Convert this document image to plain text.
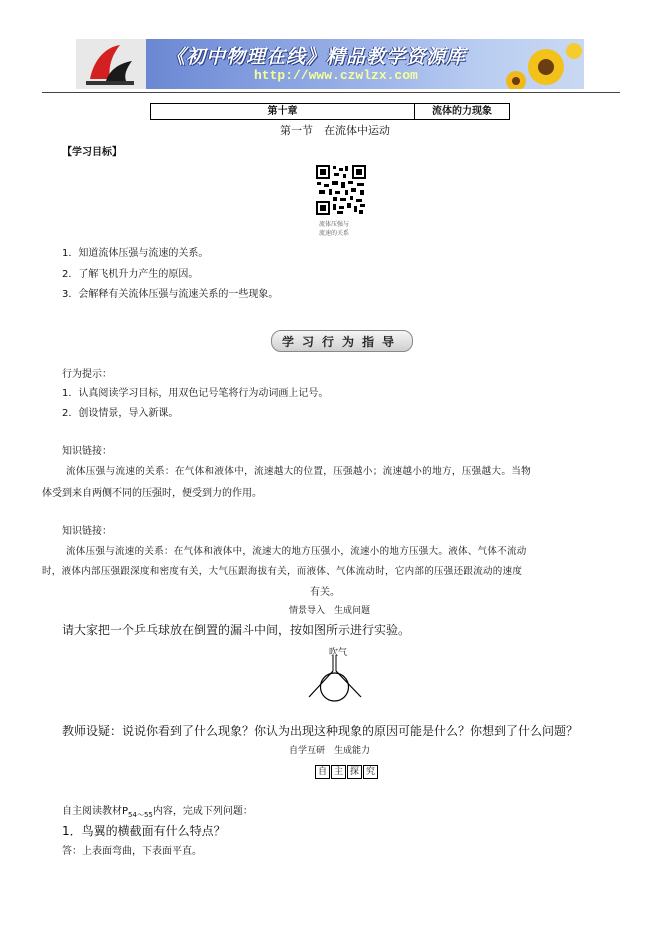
《初中物理在线》精品教学资源库
http://www.czwlzx.com
第十章	流体的力现象
第一节　在流体中运动
【学习目标】
流体压强与
流速的关系
1．知道流体压强与流速的关系。
2．了解飞机升力产生的原因。
3．会解释有关流体压强与流速关系的一些现象。
学习行为指导
行为提示：
1．认真阅读学习目标，用双色记号笔将行为动词画上记号。
2．创设情景，导入新课。
知识链接：
流体压强与流速的关系：在气体和液体中，流速越大的位置，压强越小；流速越小的地方，压强越大。当物
体受到来自两侧不同的压强时，便受到力的作用。
知识链接：
流体压强与流速的关系：在气体和液体中，流速大的地方压强小，流速小的地方压强大。液体、气体不流动
时，液体内部压强跟深度和密度有关，大气压跟海拔有关，而液体、气体流动时，它内部的压强还跟流动的速度
有关。
情景导入　生成问题
请大家把一个乒乓球放在倒置的漏斗中间，按如图所示进行实验。
吹气
教师设疑：说说你看到了什么现象？你认为出现这种现象的原因可能是什么？你想到了什么问题？
自学互研　生成能力
自 主 探 究
自主阅读教材$P_{54\sim 55}$内容，完成下列问题：
1．鸟翼的横截面有什么特点？
答：上表面弯曲，下表面平直。
